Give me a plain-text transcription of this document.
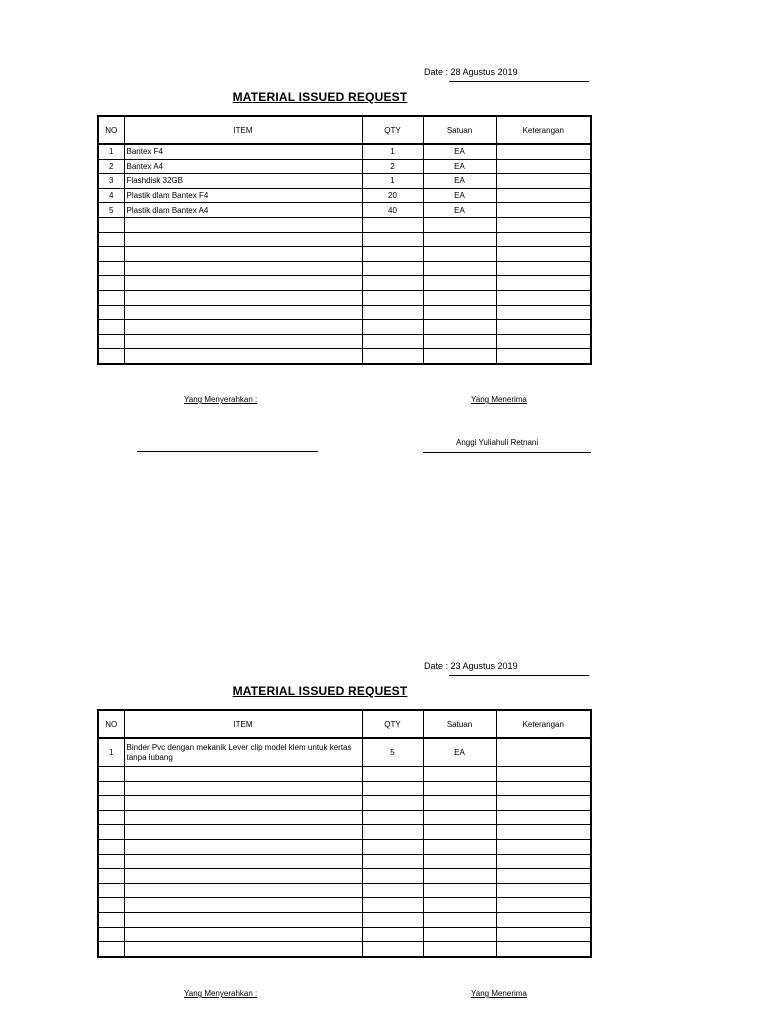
Date : 28 Agustus 2019
MATERIAL ISSUED REQUEST
NO	ITEM	QTY	Satuan	Keterangan
1	Bantex F4	1	EA	
2	Bantex A4	2	EA	
3	Flashdisk 32GB	1	EA	
4	Plastik dlam Bantex F4	20	EA	
5	Plastik dlam Bantex A4	40	EA	

Yang Menyerahkan :	Yang Menerima
Anggi Yuliahuli Retnani
Date : 23 Agustus 2019
MATERIAL ISSUED REQUEST
NO	ITEM	QTY	Satuan	Keterangan
1	Binder Pvc dengan mekanik Lever clip model klem untuk kertas tanpa lubang	5	EA	

Yang Menyerahkan :	Yang Menerima
